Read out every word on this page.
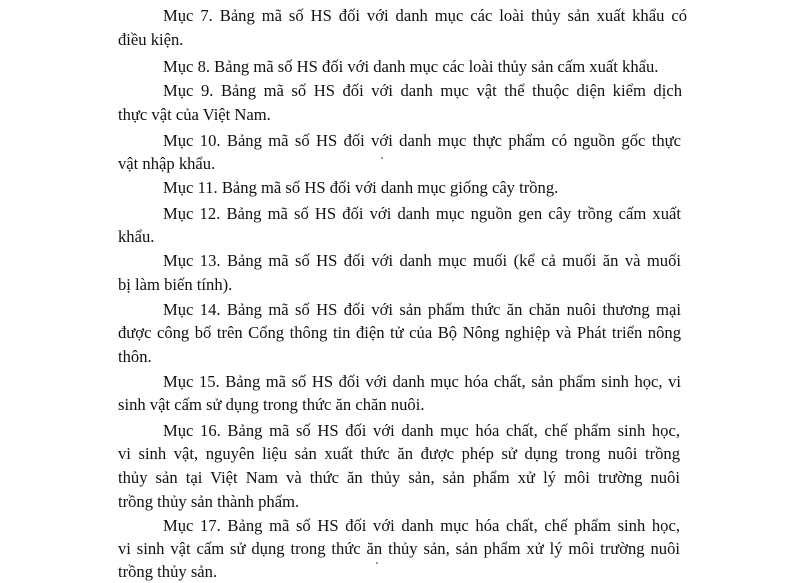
Mục 7. Bảng mã số HS đối với danh mục các loài thủy sản xuất khẩu có
điều kiện.
Mục 8. Bảng mã số HS đối với danh mục các loài thủy sản cấm xuất khẩu.
Mục 9. Bảng mã số HS đối với danh mục vật thể thuộc diện kiểm dịch
thực vật của Việt Nam.
Mục 10. Bảng mã số HS đối với danh mục thực phẩm có nguồn gốc thực
vật nhập khẩu.
Mục 11. Bảng mã số HS đối với danh mục giống cây trồng.
Mục 12. Bảng mã số HS đối với danh mục nguồn gen cây trồng cấm xuất
khẩu.
Mục 13. Bảng mã số HS đối với danh mục muối (kể cả muối ăn và muối
bị làm biến tính).
Mục 14. Bảng mã số HS đối với sản phẩm thức ăn chăn nuôi thương mại
được công bố trên Cổng thông tin điện tử của Bộ Nông nghiệp và Phát triển nông
thôn.
Mục 15. Bảng mã số HS đối với danh mục hóa chất, sản phẩm sinh học, vi
sinh vật cấm sử dụng trong thức ăn chăn nuôi.
Mục 16. Bảng mã số HS đối với danh mục hóa chất, chế phẩm sinh học,
vi sinh vật, nguyên liệu sản xuất thức ăn được phép sử dụng trong nuôi trồng
thủy sản tại Việt Nam và thức ăn thủy sản, sản phẩm xử lý môi trường nuôi
trồng thủy sản thành phẩm.
Mục 17. Bảng mã số HS đối với danh mục hóa chất, chế phẩm sinh học,
vi sinh vật cấm sử dụng trong thức ăn thủy sản, sản phẩm xử lý môi trường nuôi
trồng thủy sản.
